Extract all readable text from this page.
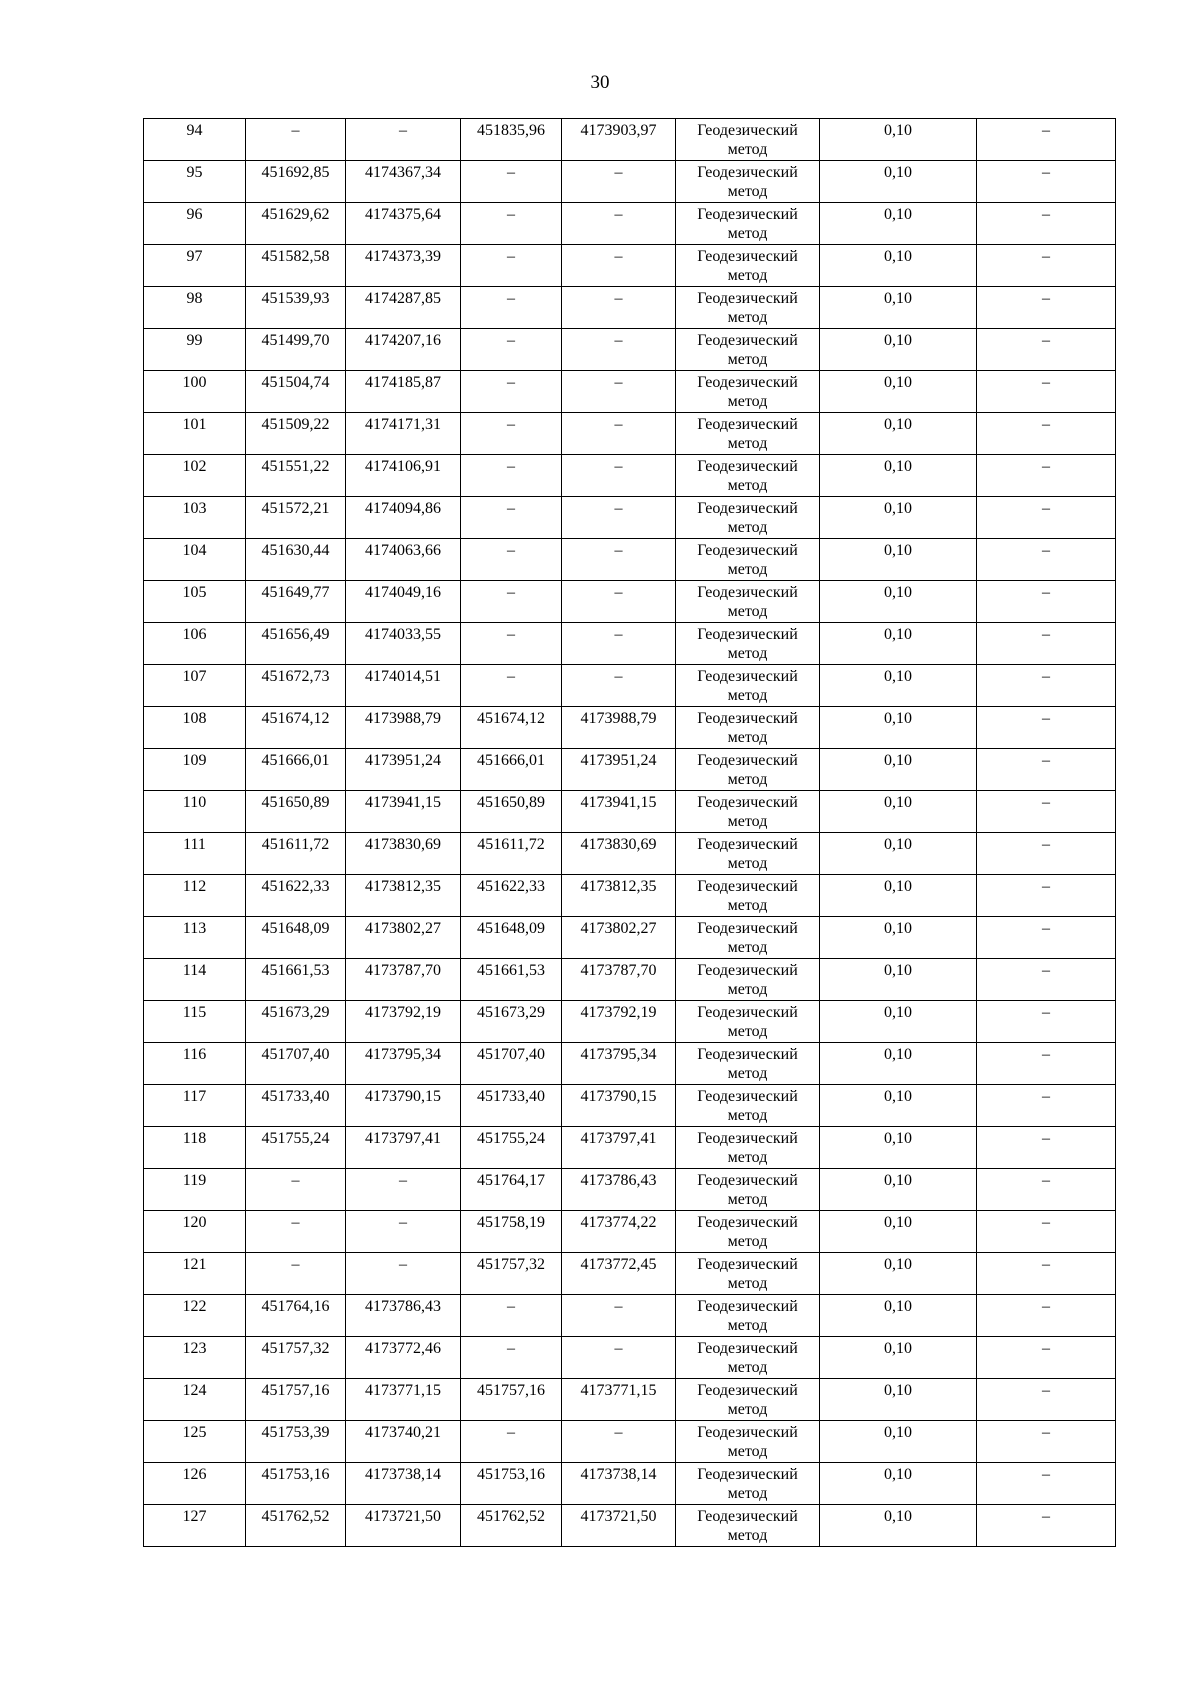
30
94	–	–	451835,96	4173903,97	Геодезический метод	0,10	–
95	451692,85	4174367,34	–	–	Геодезический метод	0,10	–
96	451629,62	4174375,64	–	–	Геодезический метод	0,10	–
97	451582,58	4174373,39	–	–	Геодезический метод	0,10	–
98	451539,93	4174287,85	–	–	Геодезический метод	0,10	–
99	451499,70	4174207,16	–	–	Геодезический метод	0,10	–
100	451504,74	4174185,87	–	–	Геодезический метод	0,10	–
101	451509,22	4174171,31	–	–	Геодезический метод	0,10	–
102	451551,22	4174106,91	–	–	Геодезический метод	0,10	–
103	451572,21	4174094,86	–	–	Геодезический метод	0,10	–
104	451630,44	4174063,66	–	–	Геодезический метод	0,10	–
105	451649,77	4174049,16	–	–	Геодезический метод	0,10	–
106	451656,49	4174033,55	–	–	Геодезический метод	0,10	–
107	451672,73	4174014,51	–	–	Геодезический метод	0,10	–
108	451674,12	4173988,79	451674,12	4173988,79	Геодезический метод	0,10	–
109	451666,01	4173951,24	451666,01	4173951,24	Геодезический метод	0,10	–
110	451650,89	4173941,15	451650,89	4173941,15	Геодезический метод	0,10	–
111	451611,72	4173830,69	451611,72	4173830,69	Геодезический метод	0,10	–
112	451622,33	4173812,35	451622,33	4173812,35	Геодезический метод	0,10	–
113	451648,09	4173802,27	451648,09	4173802,27	Геодезический метод	0,10	–
114	451661,53	4173787,70	451661,53	4173787,70	Геодезический метод	0,10	–
115	451673,29	4173792,19	451673,29	4173792,19	Геодезический метод	0,10	–
116	451707,40	4173795,34	451707,40	4173795,34	Геодезический метод	0,10	–
117	451733,40	4173790,15	451733,40	4173790,15	Геодезический метод	0,10	–
118	451755,24	4173797,41	451755,24	4173797,41	Геодезический метод	0,10	–
119	–	–	451764,17	4173786,43	Геодезический метод	0,10	–
120	–	–	451758,19	4173774,22	Геодезический метод	0,10	–
121	–	–	451757,32	4173772,45	Геодезический метод	0,10	–
122	451764,16	4173786,43	–	–	Геодезический метод	0,10	–
123	451757,32	4173772,46	–	–	Геодезический метод	0,10	–
124	451757,16	4173771,15	451757,16	4173771,15	Геодезический метод	0,10	–
125	451753,39	4173740,21	–	–	Геодезический метод	0,10	–
126	451753,16	4173738,14	451753,16	4173738,14	Геодезический метод	0,10	–
127	451762,52	4173721,50	451762,52	4173721,50	Геодезический метод	0,10	–
